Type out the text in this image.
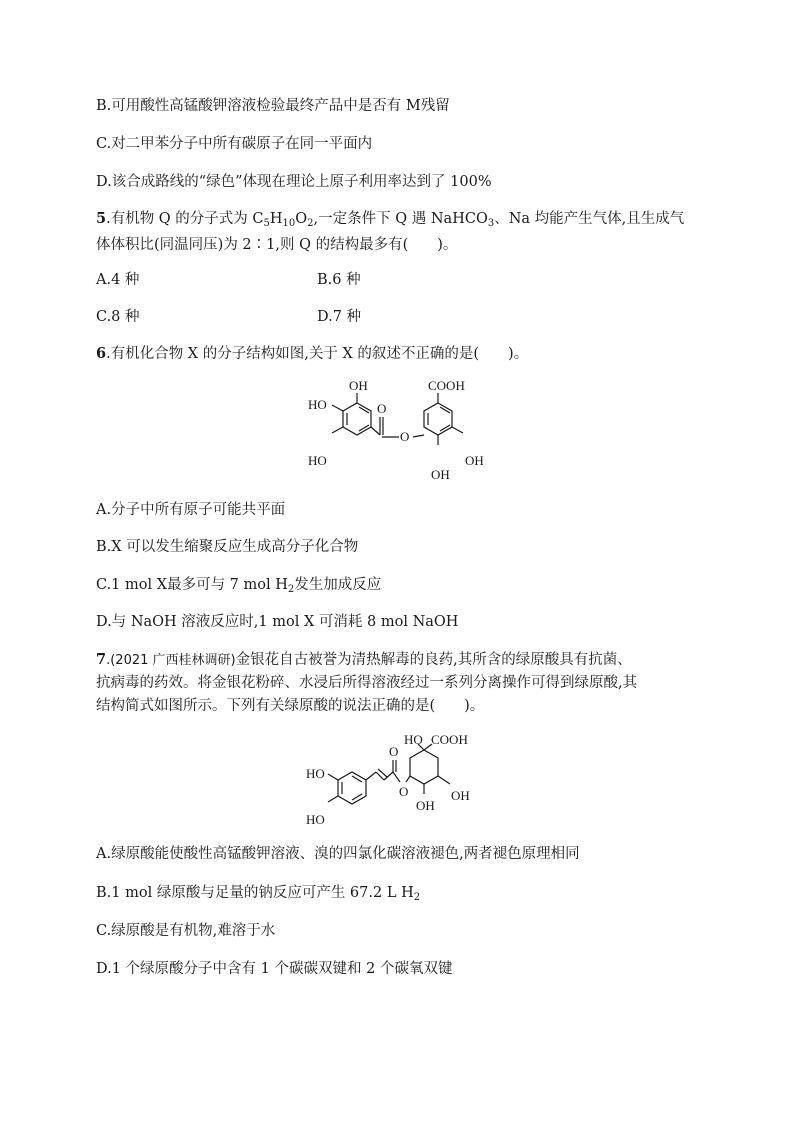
B.可用酸性高锰酸钾溶液检验最终产品中是否有 M残留
C.对二甲苯分子中所有碳原子在同一平面内
D.该合成路线的“绿色”体现在理论上原子利用率达到了 100%
5.有机物 Q 的分子式为 $C_5H_{10}O_2$,一定条件下 Q 遇 NaHCO$_3$、Na 均能产生气体,且生成气
体体积比(同温同压)为 2∶1,则 Q 的结构最多有(　　)。
A.4 种	B.6 种
C.8 种	D.7 种
6.有机化合物 X 的分子结构如图,关于 X 的叙述不正确的是(　　)。
OH
HO
HO
O
O
COOH
OH
OH
A.分子中所有原子可能共平面
B.X 可以发生缩聚反应生成高分子化合物
C.1 mol X最多可与 7 mol $H_2$发生加成反应
D.与 NaOH 溶液反应时,1 mol X 可消耗 8 mol NaOH
7.(2021 广西桂林调研)金银花自古被誉为清热解毒的良药,其所含的绿原酸具有抗菌、
抗病毒的药效。将金银花粉碎、水浸后所得溶液经过一系列分离操作可得到绿原酸,其
结构简式如图所示。下列有关绿原酸的说法正确的是(　　)。
HO COOH
HO
HO
O
O	OH
OH
A.绿原酸能使酸性高锰酸钾溶液、溴的四氯化碳溶液褪色,两者褪色原理相同
B.1 mol 绿原酸与足量的钠反应可产生 67.2 L $H_2$
C.绿原酸是有机物,难溶于水
D.1 个绿原酸分子中含有 1 个碳碳双键和 2 个碳氧双键
